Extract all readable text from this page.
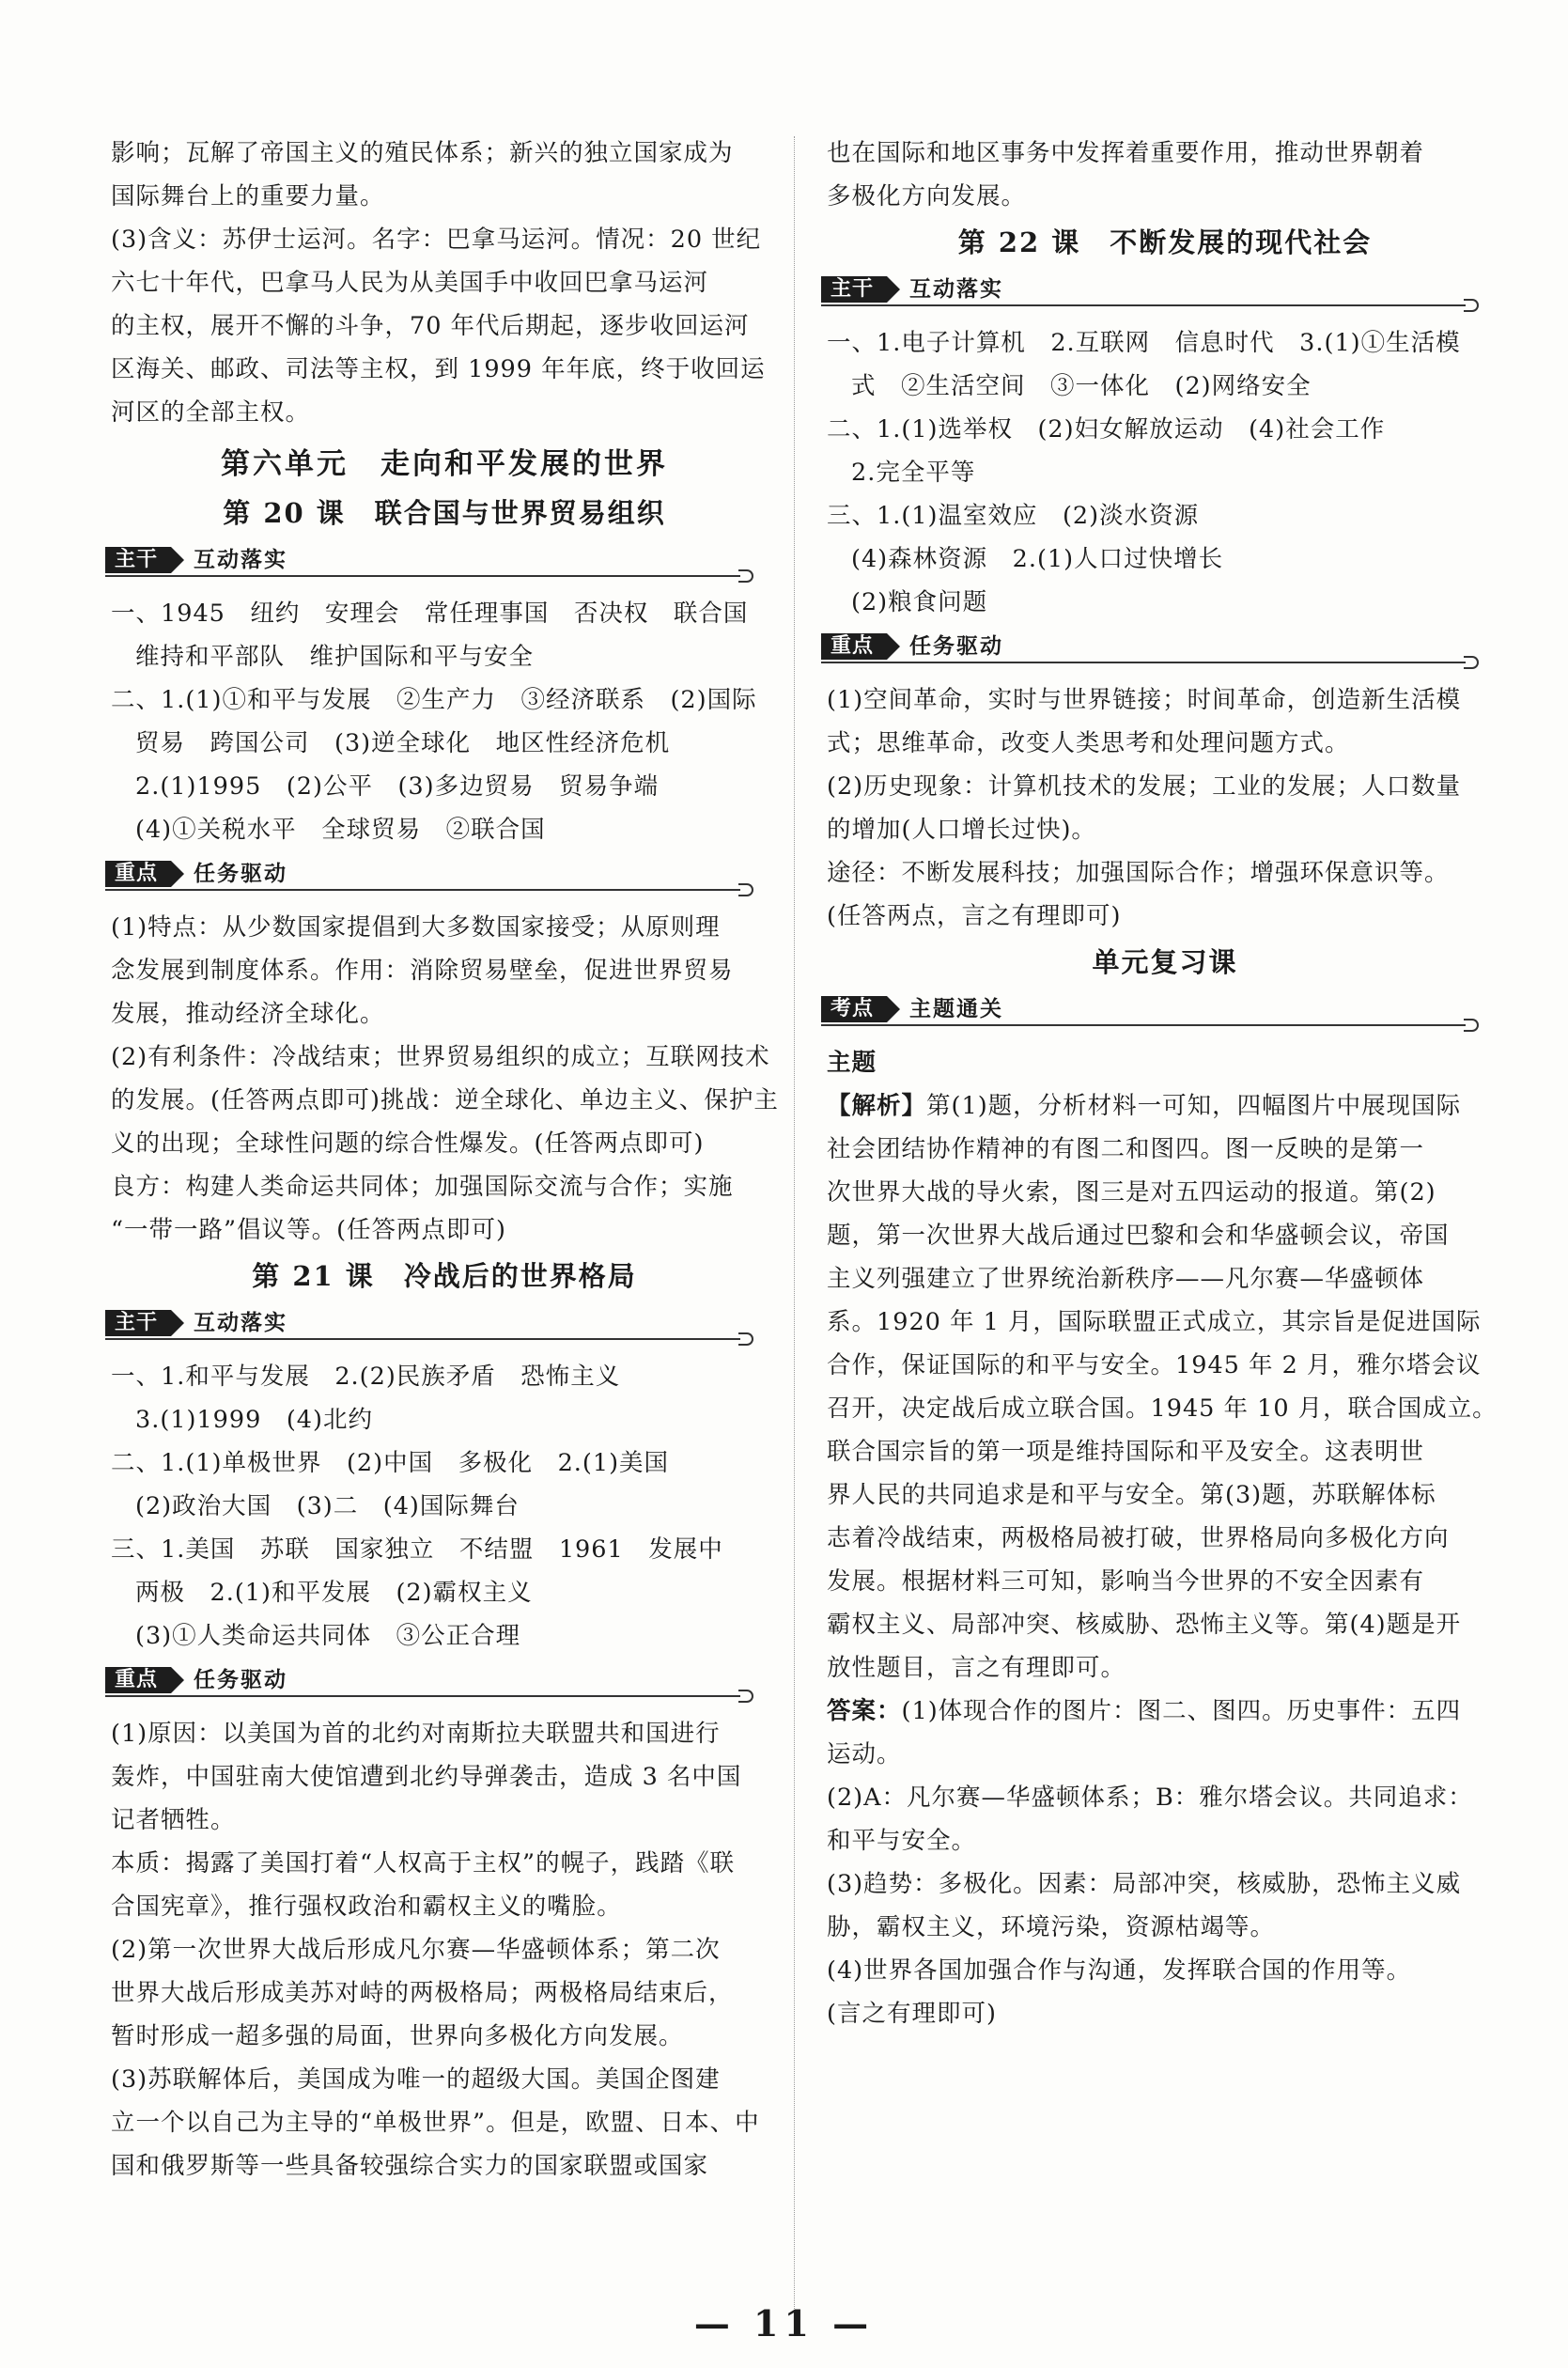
影响；瓦解了帝国主义的殖民体系；新兴的独立国家成为
国际舞台上的重要力量。
(3)含义：苏伊士运河。名字：巴拿马运河。情况：20 世纪
六七十年代，巴拿马人民为从美国手中收回巴拿马运河
的主权，展开不懈的斗争，70 年代后期起，逐步收回运河
区海关、邮政、司法等主权，到 1999 年年底，终于收回运
河区的全部主权。
第六单元　走向和平发展的世界
第 20 课　联合国与世界贸易组织
主干	互动落实
一、1945　纽约　安理会　常任理事国　否决权　联合国
维持和平部队　维护国际和平与安全
二、1.(1)①和平与发展　②生产力　③经济联系　(2)国际
贸易　跨国公司　(3)逆全球化　地区性经济危机
2.(1)1995　(2)公平　(3)多边贸易　贸易争端
(4)①关税水平　全球贸易　②联合国
重点	任务驱动
(1)特点：从少数国家提倡到大多数国家接受；从原则理
念发展到制度体系。作用：消除贸易壁垒，促进世界贸易
发展，推动经济全球化。
(2)有利条件：冷战结束；世界贸易组织的成立；互联网技术
的发展。(任答两点即可)挑战：逆全球化、单边主义、保护主
义的出现；全球性问题的综合性爆发。(任答两点即可)
良方：构建人类命运共同体；加强国际交流与合作；实施
“一带一路”倡议等。(任答两点即可)
第 21 课　冷战后的世界格局
主干	互动落实
一、1.和平与发展　2.(2)民族矛盾　恐怖主义
3.(1)1999　(4)北约
二、1.(1)单极世界　(2)中国　多极化　2.(1)美国
(2)政治大国　(3)二　(4)国际舞台
三、1.美国　苏联　国家独立　不结盟　1961　发展中
两极　2.(1)和平发展　(2)霸权主义
(3)①人类命运共同体　③公正合理
重点	任务驱动
(1)原因：以美国为首的北约对南斯拉夫联盟共和国进行
轰炸，中国驻南大使馆遭到北约导弹袭击，造成 3 名中国
记者牺牲。
本质：揭露了美国打着“人权高于主权”的幌子，践踏《联
合国宪章》，推行强权政治和霸权主义的嘴脸。
(2)第一次世界大战后形成凡尔赛—华盛顿体系；第二次
世界大战后形成美苏对峙的两极格局；两极格局结束后，
暂时形成一超多强的局面，世界向多极化方向发展。
(3)苏联解体后，美国成为唯一的超级大国。美国企图建
立一个以自己为主导的“单极世界”。但是，欧盟、日本、中
国和俄罗斯等一些具备较强综合实力的国家联盟或国家
也在国际和地区事务中发挥着重要作用，推动世界朝着
多极化方向发展。
第 22 课　不断发展的现代社会
主干	互动落实
一、1.电子计算机　2.互联网　信息时代　3.(1)①生活模
式　②生活空间　③一体化　(2)网络安全
二、1.(1)选举权　(2)妇女解放运动　(4)社会工作
2.完全平等
三、1.(1)温室效应　(2)淡水资源
(4)森林资源　2.(1)人口过快增长
(2)粮食问题
重点	任务驱动
(1)空间革命，实时与世界链接；时间革命，创造新生活模
式；思维革命，改变人类思考和处理问题方式。
(2)历史现象：计算机技术的发展；工业的发展；人口数量
的增加(人口增长过快)。
途径：不断发展科技；加强国际合作；增强环保意识等。
(任答两点，言之有理即可)
单元复习课
考点	主题通关
主题
【解析】第(1)题，分析材料一可知，四幅图片中展现国际
社会团结协作精神的有图二和图四。图一反映的是第一
次世界大战的导火索，图三是对五四运动的报道。第(2)
题，第一次世界大战后通过巴黎和会和华盛顿会议，帝国
主义列强建立了世界统治新秩序——凡尔赛—华盛顿体
系。1920 年 1 月，国际联盟正式成立，其宗旨是促进国际
合作，保证国际的和平与安全。1945 年 2 月，雅尔塔会议
召开，决定战后成立联合国。1945 年 10 月，联合国成立。
联合国宗旨的第一项是维持国际和平及安全。这表明世
界人民的共同追求是和平与安全。第(3)题，苏联解体标
志着冷战结束，两极格局被打破，世界格局向多极化方向
发展。根据材料三可知，影响当今世界的不安全因素有
霸权主义、局部冲突、核威胁、恐怖主义等。第(4)题是开
放性题目，言之有理即可。
答案：(1)体现合作的图片：图二、图四。历史事件：五四
运动。
(2)A：凡尔赛—华盛顿体系；B：雅尔塔会议。共同追求：
和平与安全。
(3)趋势：多极化。因素：局部冲突，核威胁，恐怖主义威
胁，霸权主义，环境污染，资源枯竭等。
(4)世界各国加强合作与沟通，发挥联合国的作用等。
(言之有理即可)
— 11 —
